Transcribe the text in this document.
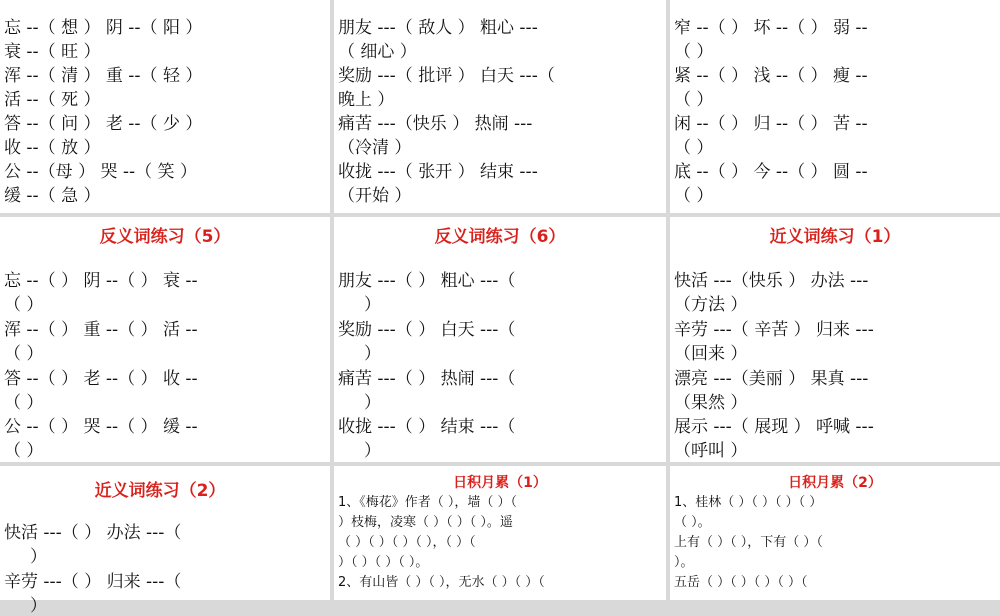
忘 --（ 想 ） 阴 --（ 阳 ）
衰 --（ 旺 ）
浑 --（ 清 ） 重 --（ 轻 ）
活 --（ 死 ）
答 --（ 问 ） 老 --（ 少 ）
收 --（ 放 ）
公 --（母 ） 哭 --（ 笑 ）
缓 --（ 急 ）
朋友 ---（ 敌人 ） 粗心 ---
（ 细心 ）
奖励 ---（ 批评 ） 白天 ---（
晚上 ）
痛苦 ---（快乐 ） 热闹 ---
（冷清 ）
收拢 ---（ 张开 ） 结束 ---
（开始 ）
窄 --（ ） 坏 --（ ） 弱 --
（ ）
紧 --（ ） 浅 --（ ） 瘦 --
（ ）
闲 --（ ） 归 --（ ） 苦 --
（ ）
底 --（ ） 今 --（ ） 圆 --
（ ）
反义词练习（5）
忘 --（ ） 阴 --（ ） 衰 --
（ ）
浑 --（ ） 重 --（ ） 活 --
（ ）
答 --（ ） 老 --（ ） 收 --
（ ）
公 --（ ） 哭 --（ ） 缓 --
（ ）
反义词练习（6）
朋友 ---（ ） 粗心 ---（
）
奖励 ---（ ） 白天 ---（
）
痛苦 ---（ ） 热闹 ---（
）
收拢 ---（ ） 结束 ---（
）
近义词练习（1）
快活 ---（快乐 ） 办法 ---
（方法 ）
辛劳 ---（ 辛苦 ） 归来 ---
（回来 ）
漂亮 ---（美丽 ） 果真 ---
（果然 ）
展示 ---（ 展现 ） 呼喊 ---
（呼叫 ）
近义词练习（2）
快活 ---（ ） 办法 ---（
）
辛劳 ---（ ） 归来 ---（
）
日积月累（1）
1、《梅花》作者（ ），墙（ ）（
）枝梅，凌寒（ ）（ ）（ ）。遥
（ ）（ ）（ ）（ ），（ ）（
）（ ）（ ）（ ）。
2、有山皆（ ）（ ），无水（ ）（ ）（
日积月累（2）
1、桂林（ ）（ ）（ ）（ ）
（ ）。
上有（ ）（ ），下有（ ）（
）。
五岳（ ）（ ）（ ）（ ）（
